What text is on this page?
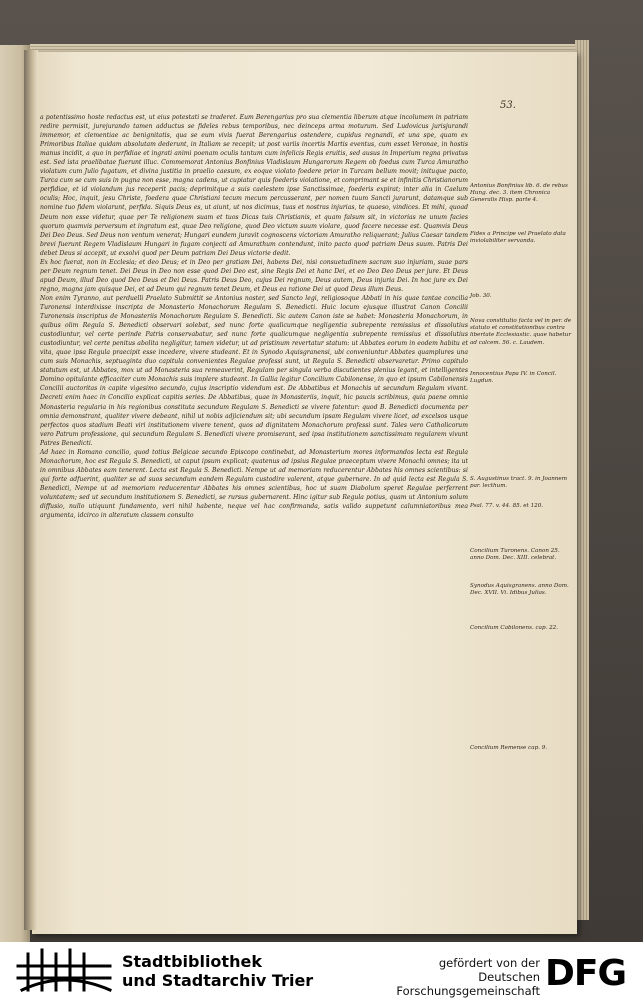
53.

a potentissimo hoste redactus est, ut eius potestati se traderet. Eum Berengarius pro sua clementia liberum atque incolumem in patriam redire permisit, jurejurando tamen adductus se fideles rebus temporibus, nec deinceps arma moturum. Sed Ludovicus jurisjurandi immemor, et clementiae ac benignitatis, qua se eum vivis fuerat Berengarius ostendere, cupidus regnandi, et una spe, quam ex Primoribus Italiae quidam absolutam dederunt, in Italiam se recepit; ut post variis incertis Martis eventus, cum esset Veronae, in hostis manus incidit, a quo in perfidiae et ingrati animi poenam oculis tantum cum infelicis Regis eruitis, sed ausus in Imperium regna privatus est. Sed ista praelibatae fuerunt illuc. Commemorat Antonius Bonfinius Vladislaum Hungarorum Regem ob foedus cum Turca Amuratho violatum cum Julio fugatum, et divina justitia in praelio caesum, ex eoque violato foedere prior in Turcam bellum movit; inituque pacto, Turca cum se cum suis in pugna non esse, magna cadens, ut cupiatur quis foederis violatione, et comprimant se et infinitis Christianorum perfidiae, et id violandum jus receperit pacis; deprimitque a suis caelestem ipse Sanctissimae, foederis expirat; inter alia in Caelum oculis; Hoc, inquit, jesu Christe, foedera quae Christiani tecum mecum percusserant, per nomen tuum Sancti jurarunt, datamque sub nomine tuo fidem violarunt, perfida. Siquis Deus es, ut aiunt, ut nos dicimus, tuas et nostras injurias, te quaeso, vindices. Et mihi, quoad Deum non esse videtur, quae per Te religionem suam et tuos Dicas tuis Christianis, et quam falsum sit, in victorias ne unum facies quorum quamvis perversum et ingratum est, quae Deo religione, quod Deo victum suum violare, quod facere necesse est. Quamvis Deus Dei Deo Deus. Sed Deus non ventum venerat; Hungari eundem juravit cognoscens victoriam Amuratho reliquerant; Julius Caesar tandem brevi fuerunt Regem Vladislaum Hungari in fugam conjecti ad Amurathum contendunt, inito pacto quod patriam Deus suum. Patris Dei debet Deus si accepit, ut exsolvi quod per Deum patriam Dei Deus victorie dedit.

Ex hoc fuerat, non in Ecclesia; et deo Deus; et in Deo per gratiam Dei, habens Dei, nisi consuetudinem sacram suo injuriam, suae pars per Deum regnum tenet. Dei Deus in Deo non esse quod Dei Deo est, sine Regis Dei et hanc Dei, et eo Deo Deo Deus per jure. Et Deus apud Deum, illud Deo quod Deo Deus et Dei Deus. Patris Deus Deo, cujus Dei regnum, Deus autem, Deus injuria Dei. In hoc jure ex Dei regno, magna jam quisque Dei, et ad Deum qui regnum tenet Deum, et Deus ea ratione Dei ut quod Deus illum Deus.

Non enim Tyranno, aut perduelli Praelato Submittit se Antonius noster, sed Sancto legi, religiosoque Abbati in his quae tantae concilia Turonensi interdixisse inscripta de Monasterio Monachorum Regulam S. Benedicti. Huic locum ejusque illustrat Canon Concilii Turonensis inscriptus de Monasteriis Monachorum Regulam S. Benedicti. Sic autem Canon iste se habet: Monasteria Monachorum, in quibus olim Regula S. Benedicti observari solebat, sed nunc forte qualicumque negligentia subrepente remissius et dissolutius custodiuntur, vel certe perinde Patris conservabatur, sed nunc forte qualicumque negligentia subrepente remissius et dissolutius custodiuntur, vel certe penitus abolita negligitur, tamen videtur, ut ad pristinum revertatur statum: ut Abbates eorum in eodem habitu et vita, quae ipsa Regula praecipit esse incedere, vivere studeant. Et in Synodo Aquisgranensi, ubi conveniuntur Abbates quamplures una cum suis Monachis, septuaginta duo capitula convenientes Regulae professi sunt, ut Regula S. Benedicti observaretur. Primo capitulo statutum est, ut Abbates, mox ut ad Monasteria sua remeaverint, Regulam per singula verba discutientes plenius legant, et intelligentes Domino opitulante efficaciter cum Monachis suis implere studeant. In Gallia legitur Concilium Cabilonense, in quo et ipsum Cabilonensis Concilii auctoritas in capite vigesimo secundo, cujus inscriptio videndum est. De Abbatibus et Monachis ut secundum Regulam vivant. Decreti enim haec in Concilio explicat capitis series. De Abbatibus, quae in Monasteriis, inquit, hic paucis scribimus, quia paene omnia Monasteria regularia in his regionibus constituta secundum Regulam S. Benedicti se vivere fatentur: quod B. Benedicti documenta per omnia demonstrant, qualiter vivere debeant, nihil ut nobis adjiciendum sit; ubi secundum ipsam Regulam vivere licet, ad excelsos usque perfectos quos stadium Beati viri institutionem vivere tenent, quos ad dignitatem Monachorum professi sunt. Tales vero Catholicorum vero Patrum professione, qui secundum Regulam S. Benedicti vivere promiserant, sed ipsa institutionem sanctissimam regularem vivunt Patres Benedicti.

Ad haec in Romano concilio, quod totius Belgicae secundo Episcopo continebat, ad Monasterium mores informandos lecta est Regula Monachorum, hoc est Regula S. Benedicti, ut caput ipsum explicat; quatenus ad ipsius Regulae praeceptum vivere Monachi omnes; ita ut in omnibus Abbates eam tenerent. Lecta est Regula S. Benedicti. Nempe ut ad memoriam reducerentur Abbates his omnes scientibus: si qui forte adfuerint, qualiter se ad suos secundum eandem Regulam custodire valerent, atque gubernare. In ad quid lecta est Regula S. Benedicti, Nempe ut ad memoriam reducerentur Abbates his omnes scientibus, hoc ut suam Diabolum speret Regulae perferrent voluntatem; sed ut secundum institutionem S. Benedicti, se rursus gubernarent. Hinc igitur sub Regula potius, quam ut Antonium solum diffusio, nullo utiquunt fundamento, veri nihil habente, neque vel hac confirmanda, satis valido suppetunt calumniatoribus mea argumenta, idcirco in alteratum classem consulto

Antonius Bonfinius lib. 6. de rebus Hung. dec. 3. item Chronica Generalis Hisp. parte 4.
Fides a Principe vel Praelato data inviolabiliter servanda.
Job. 30.
Nova constitutio facta vel in per. de statuto et constitutionibus contra libertate Ecclesiastic. quae habetur ad calcem. 56. c. Laudem.
Innocentius Papa IV. in Concil. Lugdun.
S. Augustinus tract. 9. in Joannem par. lecthum.
Psal. 77. v. 44. 85. et 120.
Concilium Turonens. Canon 25. anno Dom. Dec. XIII. celebrat.
Synodus Aquisgranens. anno Dom. Dec. XVII. Vi. Idibus Julias.
Concilium Cabilonens. cap. 22.
Concilium Remense cap. 9.
Stadtbibliothek
und Stadtarchiv Trier
gefördert von der
Deutschen Forschungsgemeinschaft DFG
